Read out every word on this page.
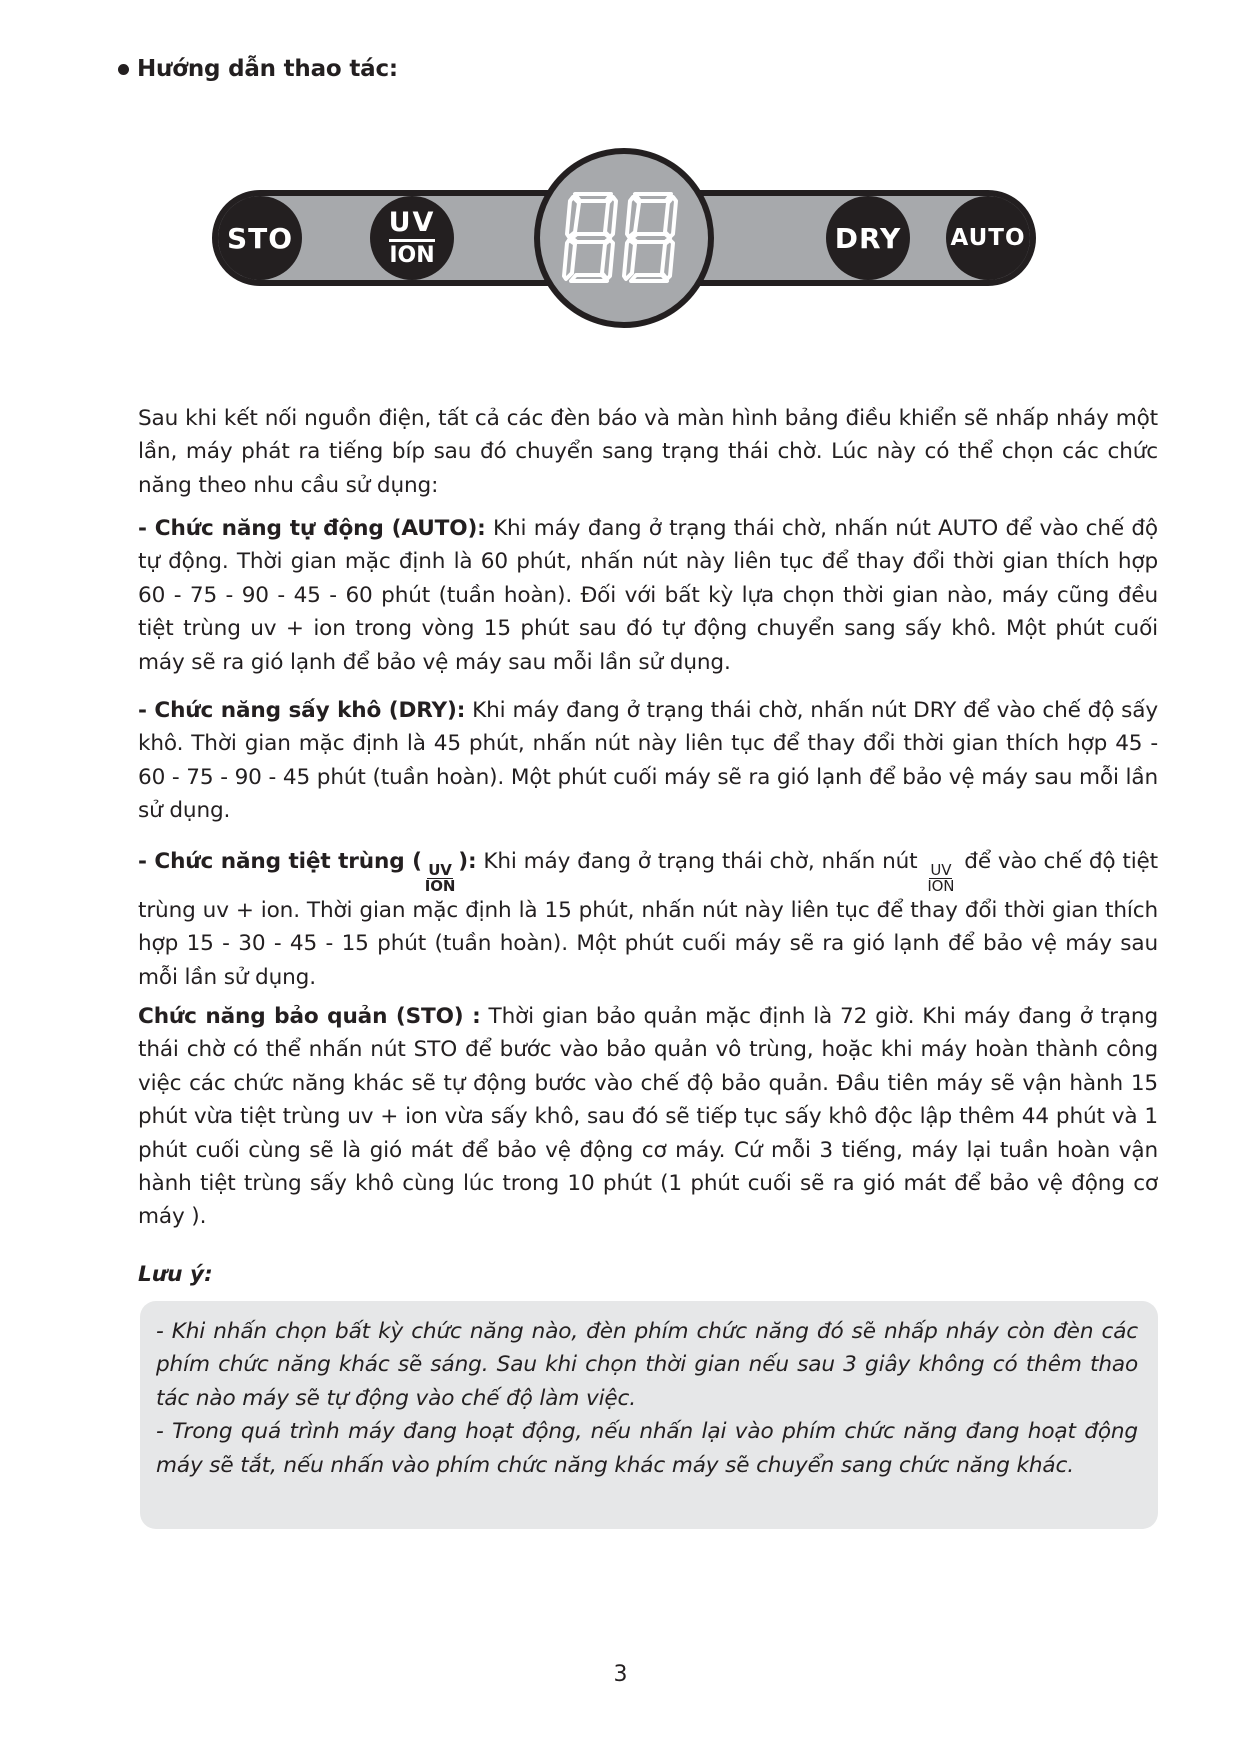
Hướng dẫn thao tác:
STO	UV
ION
DRY AUTO
Sau khi kết nối nguồn điện, tất cả các đèn báo và màn hình bảng điều khiển sẽ nhấp nháy một lần, máy phát ra tiếng bíp sau đó chuyển sang trạng thái chờ. Lúc này có thể chọn các chức năng theo nhu cầu sử dụng:
- Chức năng tự động (AUTO): Khi máy đang ở trạng thái chờ, nhấn nút AUTO để vào chế độ tự động. Thời gian mặc định là 60 phút, nhấn nút này liên tục để thay đổi thời gian thích hợp 60 - 75 - 90 - 45 - 60 phút (tuần hoàn). Đối với bất kỳ lựa chọn thời gian nào, máy cũng đều tiệt trùng uv + ion trong vòng 15 phút sau đó tự động chuyển sang sấy khô. Một phút cuối máy sẽ ra gió lạnh để bảo vệ máy sau mỗi lần sử dụng.
- Chức năng sấy khô (DRY): Khi máy đang ở trạng thái chờ, nhấn nút DRY để vào chế độ sấy khô. Thời gian mặc định là 45 phút, nhấn nút này liên tục để thay đổi thời gian thích hợp 45 - 60 - 75 - 90 - 45 phút (tuần hoàn). Một phút cuối máy sẽ ra gió lạnh để bảo vệ máy sau mỗi lần sử dụng.
- Chức năng tiệt trùng (
$\frac{UV}{\text{ION}}$
): Khi máy đang ở trạng thái chờ, nhấn nút
$\frac{UV}{\text{ION}}$
để vào chế độ tiệt trùng uv + ion. Thời gian mặc định là 15 phút, nhấn nút này liên tục để thay đổi thời gian thích hợp 15 - 30 - 45 - 15 phút (tuần hoàn). Một phút cuối máy sẽ ra gió lạnh để bảo vệ máy sau mỗi lần sử dụng.
Chức năng bảo quản (STO) : Thời gian bảo quản mặc định là 72 giờ. Khi máy đang ở trạng thái chờ có thể nhấn nút STO để bước vào bảo quản vô trùng, hoặc khi máy hoàn thành công việc các chức năng khác sẽ tự động bước vào chế độ bảo quản. Đầu tiên máy sẽ vận hành 15 phút vừa tiệt trùng uv + ion vừa sấy khô, sau đó sẽ tiếp tục sấy khô độc lập thêm 44 phút và 1 phút cuối cùng sẽ là gió mát để bảo vệ động cơ máy. Cứ mỗi 3 tiếng, máy lại tuần hoàn vận hành tiệt trùng sấy khô cùng lúc trong 10 phút (1 phút cuối sẽ ra gió mát để bảo vệ động cơ máy ).
Lưu ý:
- Khi nhấn chọn bất kỳ chức năng nào, đèn phím chức năng đó sẽ nhấp nháy còn đèn các phím chức năng khác sẽ sáng. Sau khi chọn thời gian nếu sau 3 giây không có thêm thao tác nào máy sẽ tự động vào chế độ làm việc.
- Trong quá trình máy đang hoạt động, nếu nhấn lại vào phím chức năng đang hoạt động máy sẽ tắt, nếu nhấn vào phím chức năng khác máy sẽ chuyển sang chức năng khác.
3
